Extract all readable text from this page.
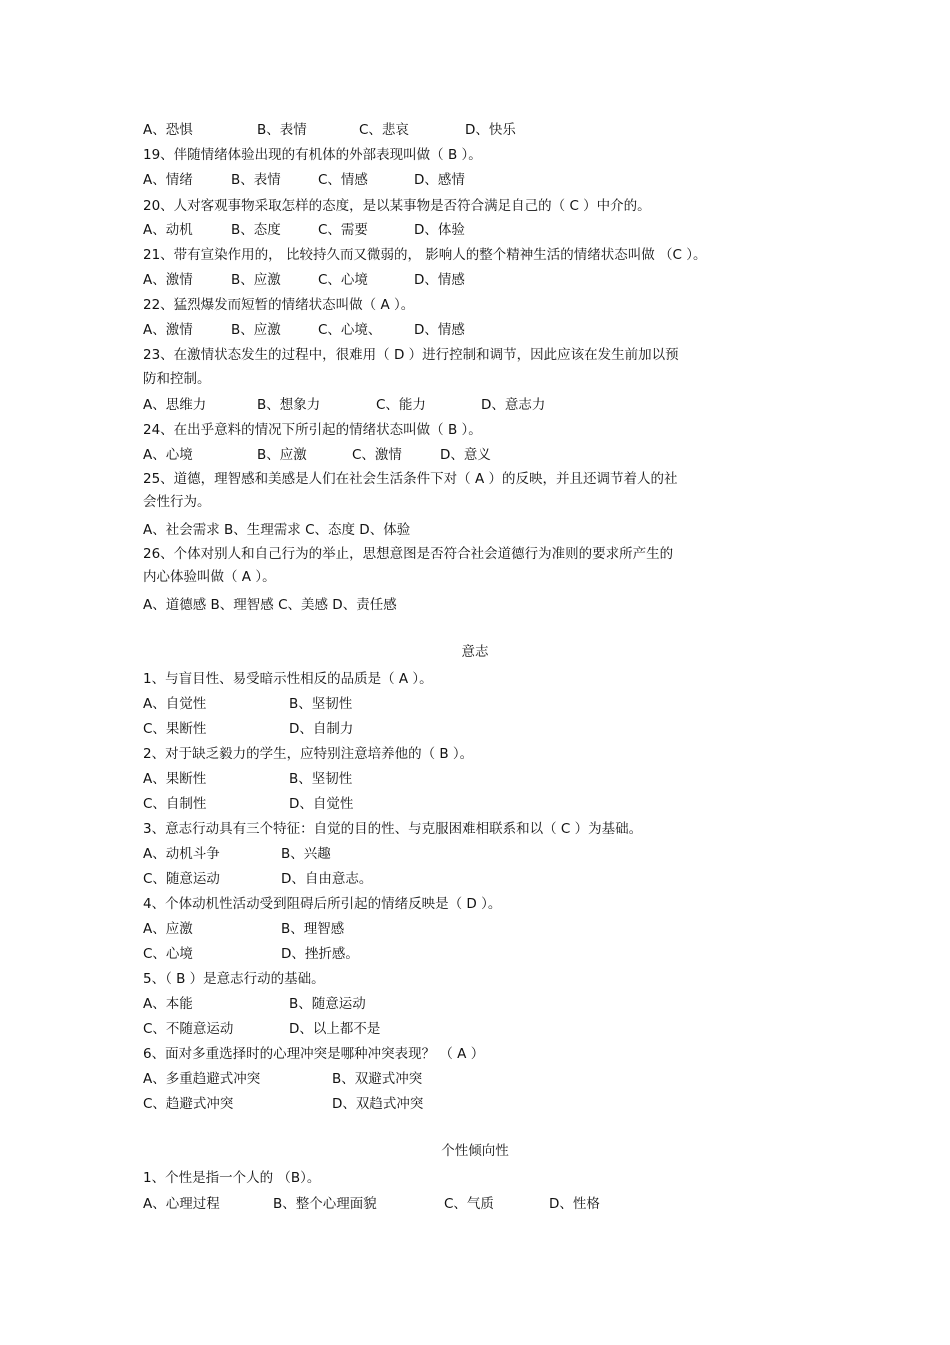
A、恐惧	B、表情	C、悲哀	D、快乐
19、伴随情绪体验出现的有机体的外部表现叫做（ B ）。
A、情绪	B、表情	C、情感	D、感情
20、人对客观事物采取怎样的态度，是以某事物是否符合满足自己的（ C ）中介的。
A、动机	B、态度	C、需要	D、体验
21、带有宣染作用的， 比较持久而又微弱的， 影响人的整个精神生活的情绪状态叫做 （C ）。
A、激情	B、应激	C、心境	D、情感
22、猛烈爆发而短暂的情绪状态叫做（ A ）。
A、激情	B、应激	C、心境、 D、情感
23、在激情状态发生的过程中，很难用（ D ）进行控制和调节，因此应该在发生前加以预
防和控制。
A、思维力	B、想象力	C、能力	D、意志力
24、在出乎意料的情况下所引起的情绪状态叫做（ B ）。
A、心境	B、应激	C、激情	D、意义
25、道德，理智感和美感是人们在社会生活条件下对（ A ）的反映，并且还调节着人的社
会性行为。
A、社会需求 B、生理需求 C、态度 D、体验
26、个体对别人和自己行为的举止，思想意图是否符合社会道德行为准则的要求所产生的
内心体验叫做（ A ）。
A、道德感 B、理智感 C、美感 D、责任感
意志
1、与盲目性、易受暗示性相反的品质是（ A ）。
A、自觉性	B、坚韧性
C、果断性	D、自制力
2、对于缺乏毅力的学生，应特别注意培养他的（ B ）。
A、果断性	B、坚韧性
C、自制性	D、自觉性
3、意志行动具有三个特征：自觉的目的性、与克服困难相联系和以（ C ）为基础。
A、动机斗争	B、兴趣
C、随意运动	D、自由意志。
4、个体动机性活动受到阻碍后所引起的情绪反映是（ D ）。
A、应激	B、理智感
C、心境	D、挫折感。
5、（ B ）是意志行动的基础。
A、本能	B、随意运动
C、不随意运动	D、以上都不是
6、面对多重选择时的心理冲突是哪种冲突表现？ （ A ）
A、多重趋避式冲突	B、双避式冲突
C、趋避式冲突	D、双趋式冲突
个性倾向性
1、个性是指一个人的 （B）。
A、心理过程	B、整个心理面貌	C、气质	D、性格
